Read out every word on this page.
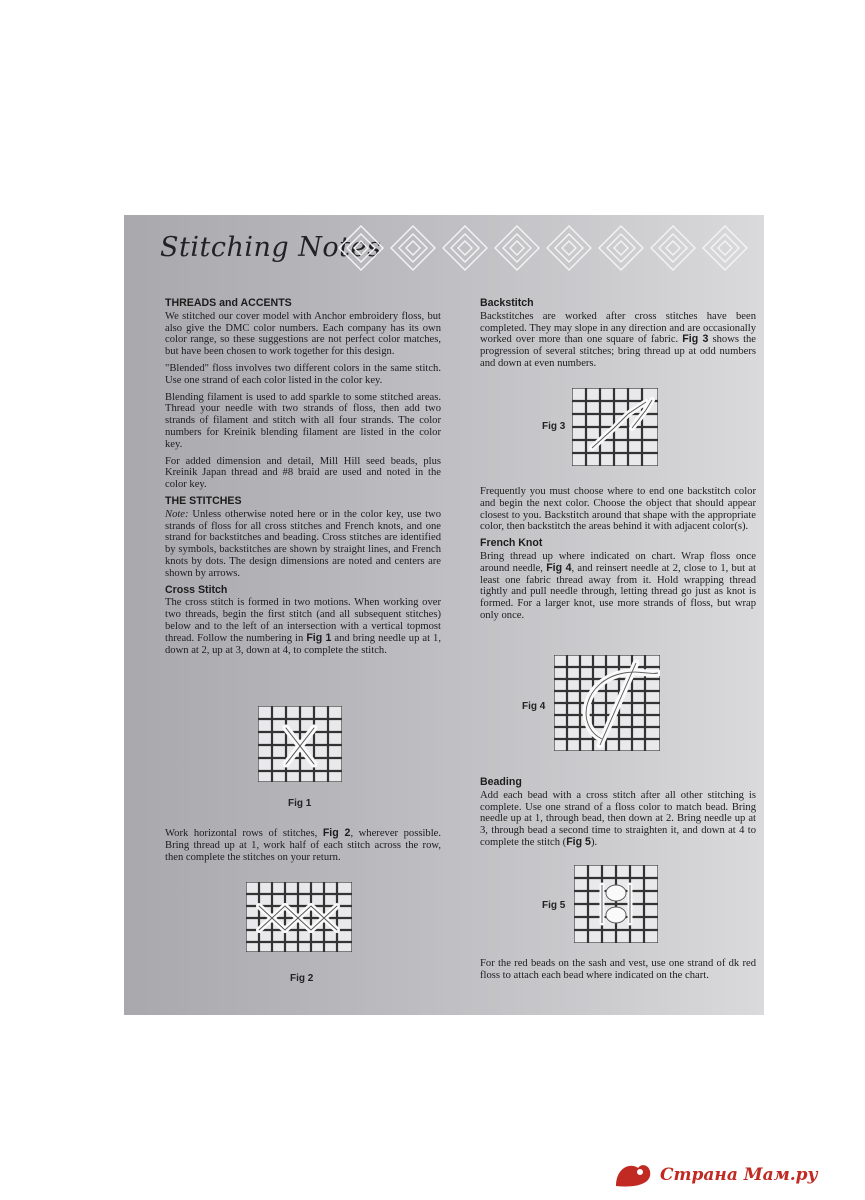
Stitching Notes
THREADS and ACCENTS

We stitched our cover model with Anchor embroidery floss, but also give the DMC color numbers. Each company has its own color range, so these suggestions are not perfect color matches, but have been chosen to work together for this design.

"Blended" floss involves two different colors in the same stitch. Use one strand of each color listed in the color key.

Blending filament is used to add sparkle to some stitched areas. Thread your needle with two strands of floss, then add two strands of filament and stitch with all four strands. The color numbers for Kreinik blending filament are listed in the color key.

For added dimension and detail, Mill Hill seed beads, plus Kreinik Japan thread and #8 braid are used and noted in the color key.

THE STITCHES

Note: Unless otherwise noted here or in the color key, use two strands of floss for all cross stitches and French knots, and one strand for backstitches and beading. Cross stitches are identified by symbols, backstitches are shown by straight lines, and French knots by dots. The design dimensions are noted and centers are shown by arrows.

Cross Stitch

The cross stitch is formed in two motions. When working over two threads, begin the first stitch (and all subsequent stitches) below and to the left of an intersection with a vertical topmost thread. Follow the numbering in Fig 1 and bring needle up at 1, down at 2, up at 3, down at 4, to complete the stitch.

Fig 1

Work horizontal rows of stitches, Fig 2, wherever possible. Bring thread up at 1, work half of each stitch across the row, then complete the stitches on your return.

Fig 2
Backstitch

Backstitches are worked after cross stitches have been completed. They may slope in any direction and are occasionally worked over more than one square of fabric. Fig 3 shows the progression of several stitches; bring thread up at odd numbers and down at even numbers.

Fig 3

Frequently you must choose where to end one backstitch color and begin the next color. Choose the object that should appear closest to you. Backstitch around that shape with the appropriate color, then backstitch the areas behind it with adjacent color(s).

French Knot

Bring thread up where indicated on chart. Wrap floss once around needle, Fig 4, and reinsert needle at 2, close to 1, but at least one fabric thread away from it. Hold wrapping thread tightly and pull needle through, letting thread go just as knot is formed. For a larger knot, use more strands of floss, but wrap only once.

Fig 4
Beading

Add each bead with a cross stitch after all other stitching is complete. Use one strand of a floss color to match bead. Bring needle up at 1, through bead, then down at 2. Bring needle up at 3, through bead a second time to straighten it, and down at 4 to complete the stitch (Fig 5).

Fig 5

For the red beads on the sash and vest, use one strand of dk red floss to attach each bead where indicated on the chart.

Страна Мам.ру
